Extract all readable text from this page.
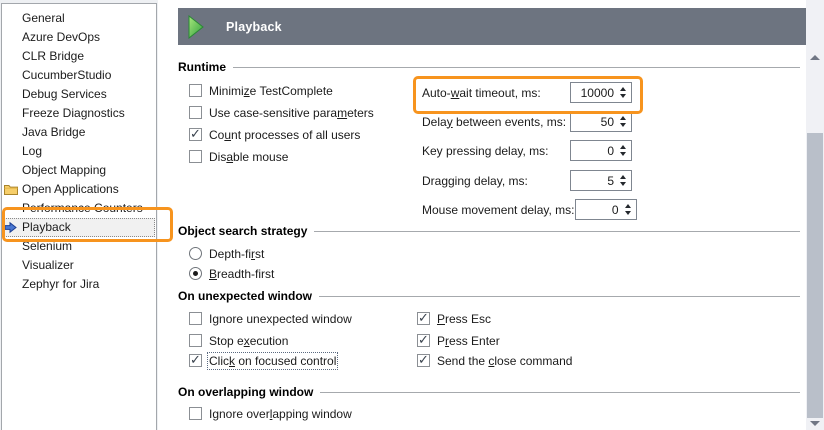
General
Azure DevOps
CLR Bridge
CucumberStudio
Debug Services
Freeze Diagnostics
Java Bridge
Log
Object Mapping
Open Applications
Performance Counters
Playback
Selenium
Visualizer
Zephyr for Jira
Playback
Runtime
Minimize TestComplete
Use case-sensitive parameters
✓
Count processes of all users
Disable mouse
Auto-wait timeout, ms:	10000
Delay between events, ms:	50
Key pressing delay, ms:	0
Dragging delay, ms:	5
Mouse movement delay, ms:	0
Object search strategy
Depth-first
Breadth-first
On unexpected window
Ignore unexpected window
Stop execution
✓
Click on focused control
✓
Press Esc
✓
Press Enter
✓
Send the close command
On overlapping window
Ignore overlapping window
